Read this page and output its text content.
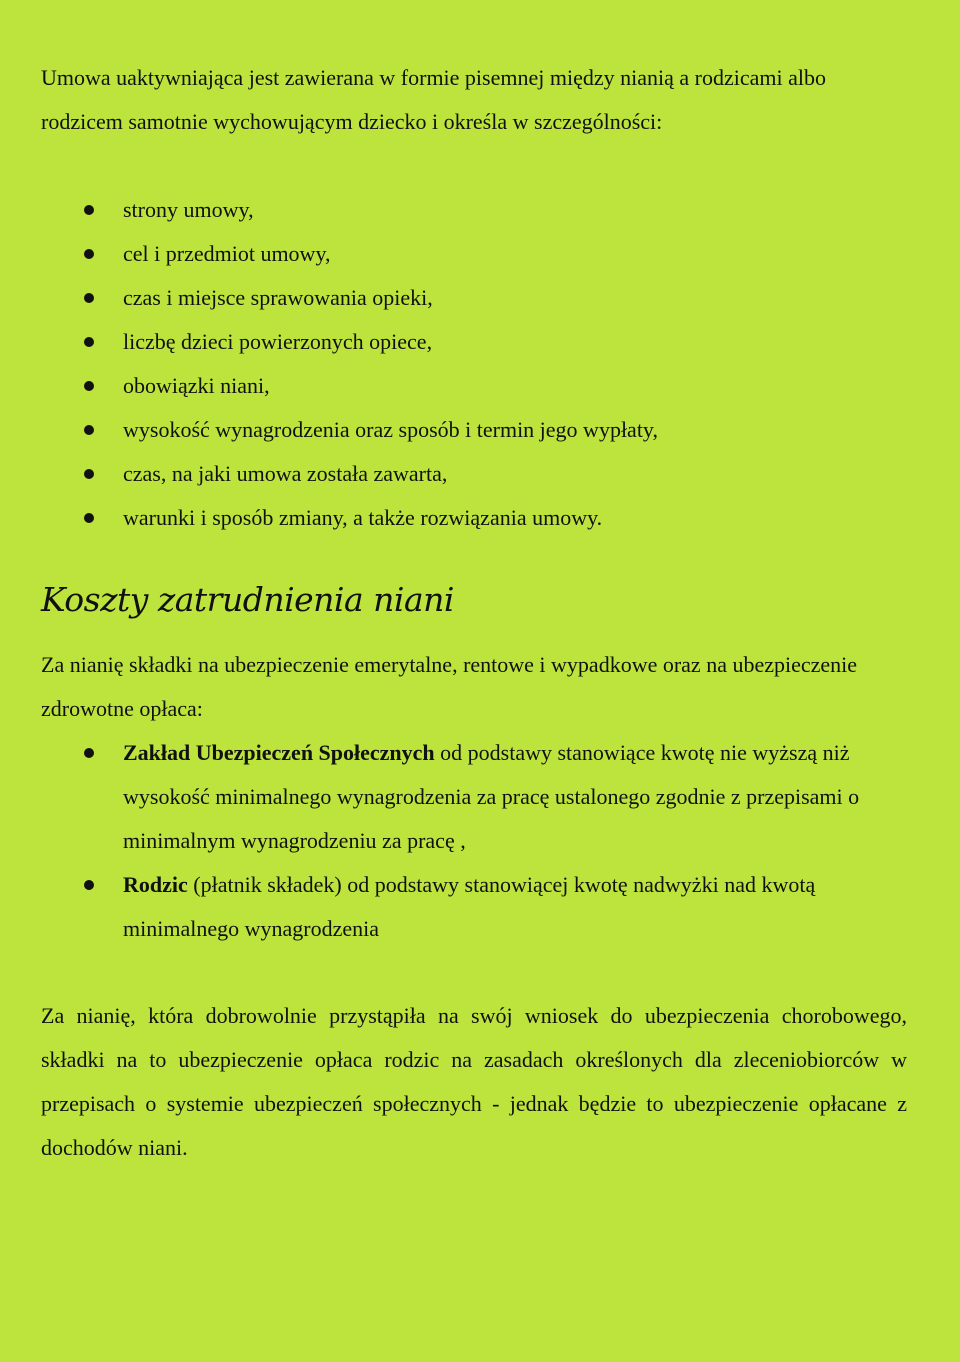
Umowa uaktywniająca jest zawierana w formie pisemnej między nianią a rodzicami albo rodzicem samotnie wychowującym dziecko i określa w szczególności:

strony umowy,
cel i przedmiot umowy,
czas i miejsce sprawowania opieki,
liczbę dzieci powierzonych opiece,
obowiązki niani,
wysokość wynagrodzenia oraz sposób i termin jego wypłaty,
czas, na jaki umowa została zawarta,
warunki i sposób zmiany, a także rozwiązania umowy.
Koszty zatrudnienia niani

Za nianię składki na ubezpieczenie emerytalne, rentowe i wypadkowe oraz na ubezpieczenie zdrowotne opłaca:

Zakład Ubezpieczeń Społecznych od podstawy stanowiące kwotę nie wyższą niż wysokość minimalnego wynagrodzenia za pracę ustalonego zgodnie z przepisami o minimalnym wynagrodzeniu za pracę ,
Rodzic (płatnik składek) od podstawy stanowiącej kwotę nadwyżki nad kwotą minimalnego wynagrodzenia

Za nianię, która dobrowolnie przystąpiła na swój wniosek do ubezpieczenia chorobowego, składki na to ubezpieczenie opłaca rodzic na zasadach określonych dla zleceniobiorców w przepisach o systemie ubezpieczeń społecznych - jednak będzie to ubezpieczenie opłacane z dochodów niani.
